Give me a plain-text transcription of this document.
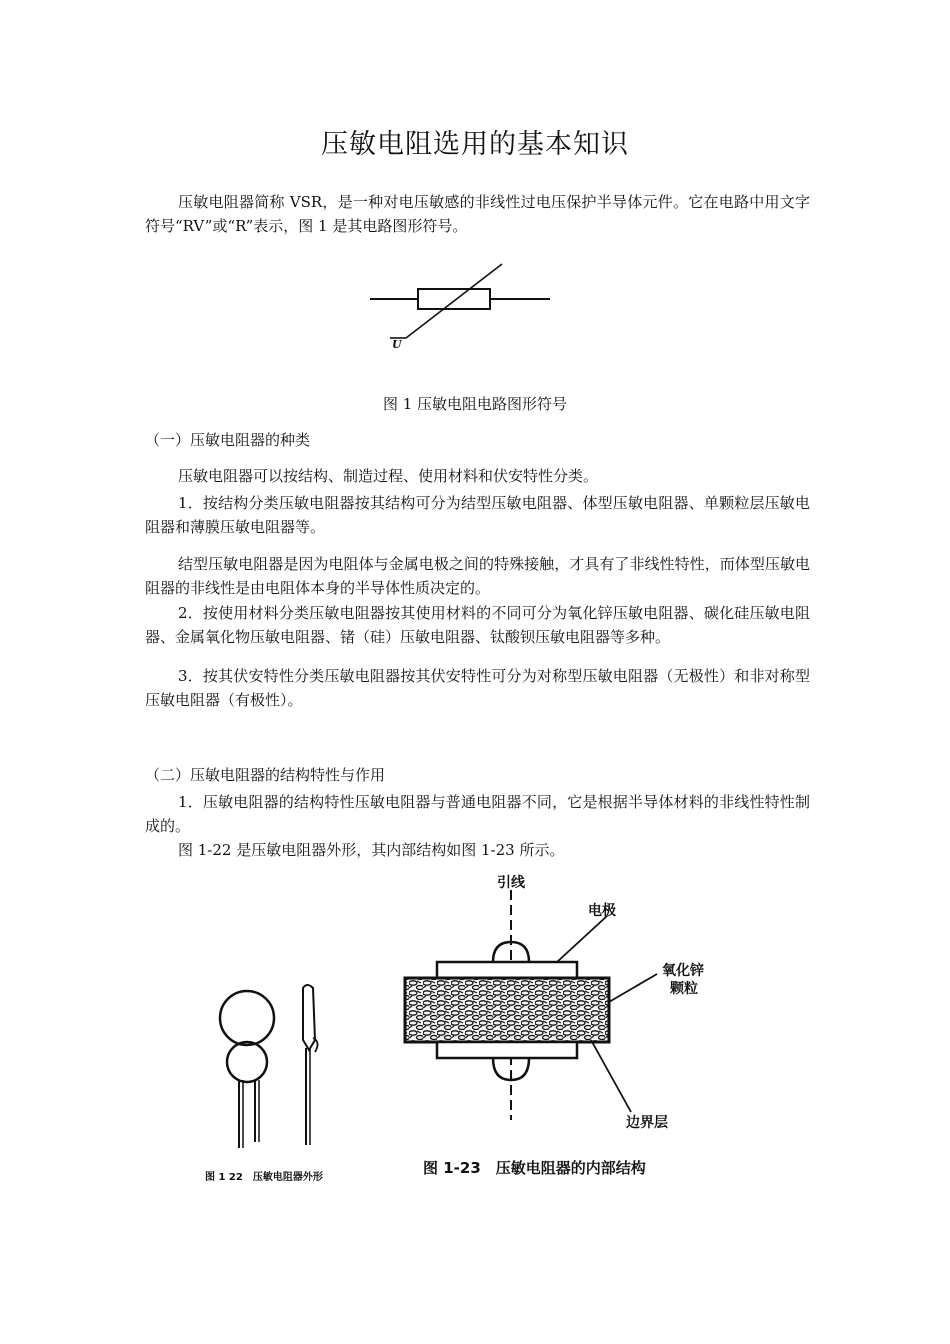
压敏电阻选用的基本知识
压敏电阻器简称 VSR，是一种对电压敏感的非线性过电压保护半导体元件。它在电路中用文字符号“RV”或“R”表示，图 1 是其电路图形符号。
U
图 1 压敏电阻电路图形符号
（一）压敏电阻器的种类
压敏电阻器可以按结构、制造过程、使用材料和伏安特性分类。
1．按结构分类压敏电阻器按其结构可分为结型压敏电阻器、体型压敏电阻器、单颗粒层压敏电阻器和薄膜压敏电阻器等。
结型压敏电阻器是因为电阻体与金属电极之间的特殊接触，才具有了非线性特性，而体型压敏电阻器的非线性是由电阻体本身的半导体性质决定的。
2．按使用材料分类压敏电阻器按其使用材料的不同可分为氧化锌压敏电阻器、碳化硅压敏电阻器、金属氧化物压敏电阻器、锗（硅）压敏电阻器、钛酸钡压敏电阻器等多种。
3．按其伏安特性分类压敏电阻器按其伏安特性可分为对称型压敏电阻器（无极性）和非对称型压敏电阻器（有极性）。
（二）压敏电阻器的结构特性与作用
1．压敏电阻器的结构特性压敏电阻器与普通电阻器不同，它是根据半导体材料的非线性特性制成的。
图 1-22 是压敏电阻器外形，其内部结构如图 1-23 所示。
图 1 22　压敏电阻器外形
引线
电极
氧化锌
颗粒
边界层
图 1-23　压敏电阻器的内部结构
